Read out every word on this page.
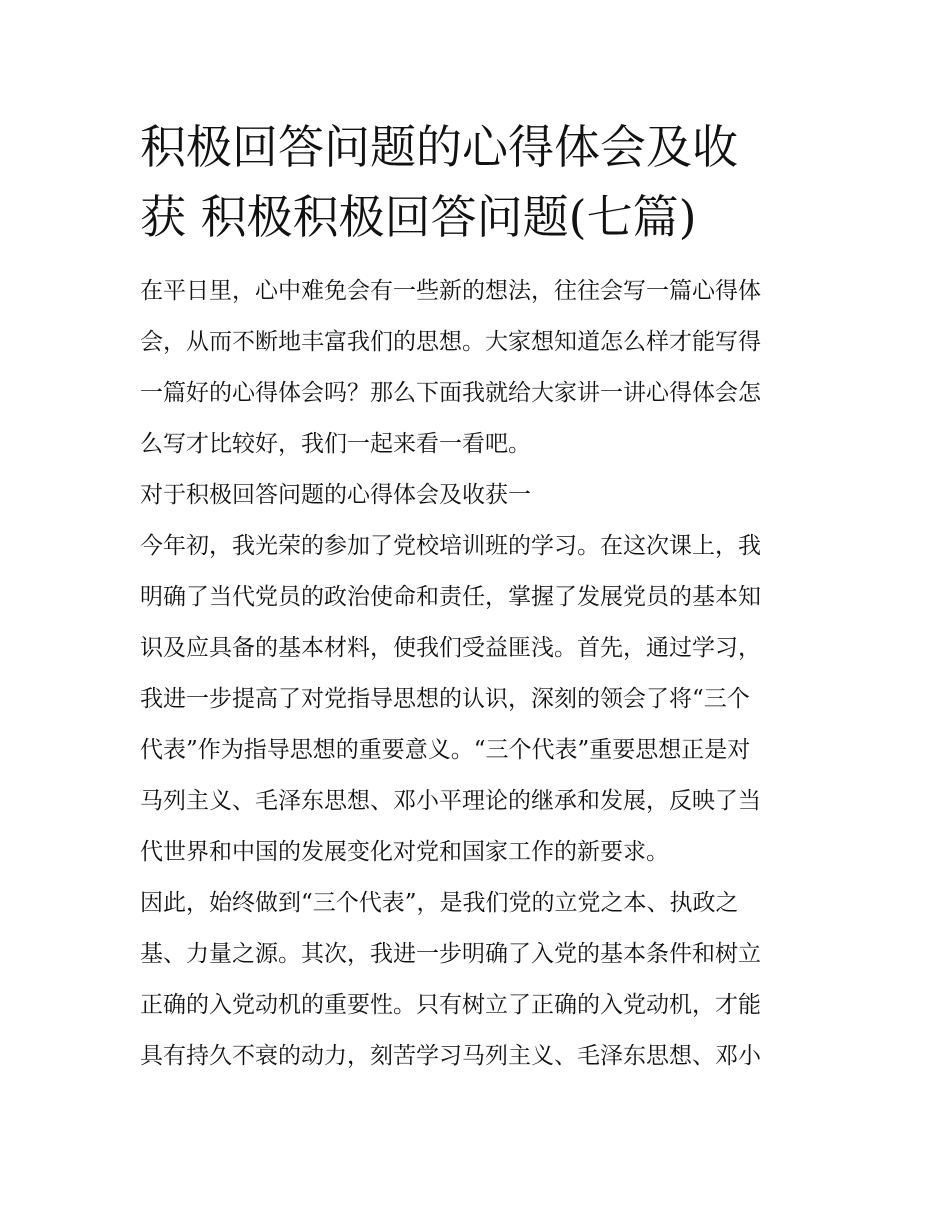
积极回答问题的心得体会及收
获 积极积极回答问题(七篇)

在平日里，心中难免会有一些新的想法，往往会写一篇心得体
会，从而不断地丰富我们的思想。大家想知道怎么样才能写得
一篇好的心得体会吗？那么下面我就给大家讲一讲心得体会怎
么写才比较好，我们一起来看一看吧。

对于积极回答问题的心得体会及收获一

今年初，我光荣的参加了党校培训班的学习。在这次课上，我
明确了当代党员的政治使命和责任，掌握了发展党员的基本知
识及应具备的基本材料，使我们受益匪浅。首先，通过学习，
我进一步提高了对党指导思想的认识，深刻的领会了将“三个
代表”作为指导思想的重要意义。“三个代表”重要思想正是对
马列主义、毛泽东思想、邓小平理论的继承和发展，反映了当
代世界和中国的发展变化对党和国家工作的新要求。

因此，始终做到“三个代表”，是我们党的立党之本、执政之
基、力量之源。其次，我进一步明确了入党的基本条件和树立
正确的入党动机的重要性。只有树立了正确的入党动机，才能
具有持久不衰的动力，刻苦学习马列主义、毛泽东思想、邓小
